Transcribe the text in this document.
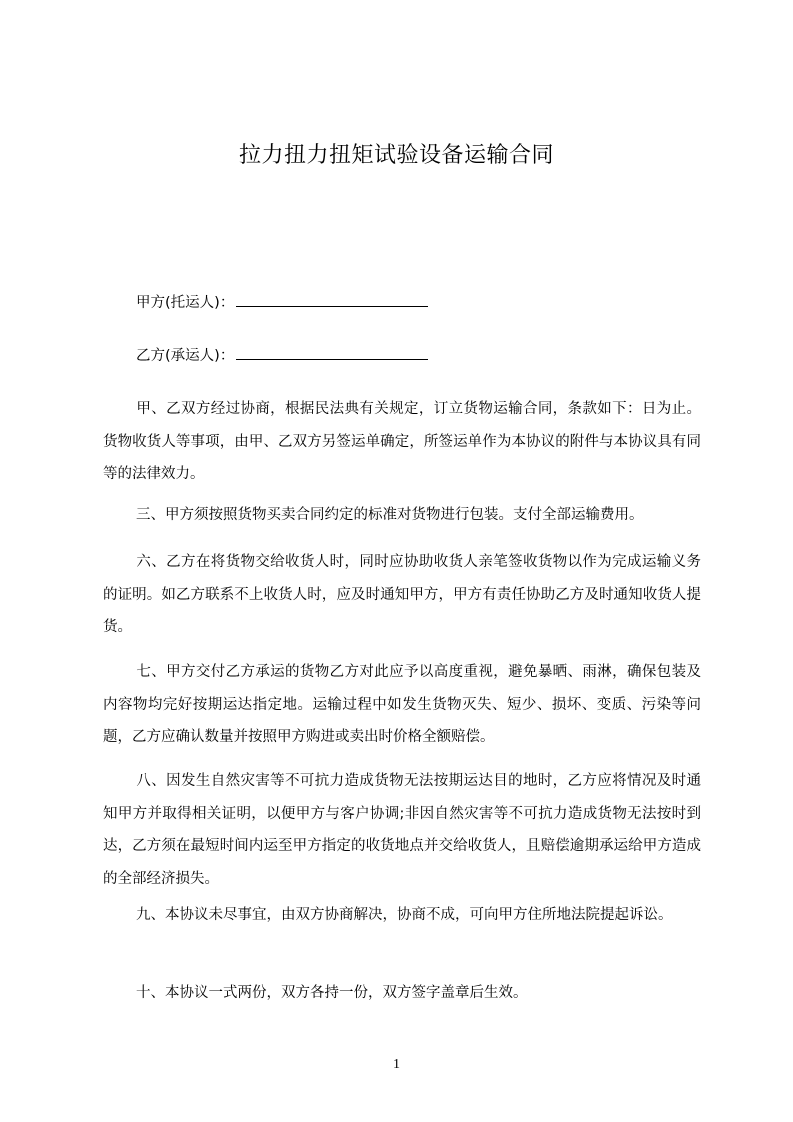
拉力扭力扭矩试验设备运输合同
甲方(托运人)：
乙方(承运人)：
甲、乙双方经过协商，根据民法典有关规定，订立货物运输合同，条款如下：日为止。货物收货人等事项，由甲、乙双方另签运单确定，所签运单作为本协议的附件与本协议具有同等的法律效力。
三、甲方须按照货物买卖合同约定的标准对货物进行包装。支付全部运输费用。
六、乙方在将货物交给收货人时，同时应协助收货人亲笔签收货物以作为完成运输义务的证明。如乙方联系不上收货人时，应及时通知甲方，甲方有责任协助乙方及时通知收货人提货。
七、甲方交付乙方承运的货物乙方对此应予以高度重视，避免暴晒、雨淋，确保包装及内容物均完好按期运达指定地。运输过程中如发生货物灭失、短少、损坏、变质、污染等问题，乙方应确认数量并按照甲方购进或卖出时价格全额赔偿。
八、因发生自然灾害等不可抗力造成货物无法按期运达目的地时，乙方应将情况及时通知甲方并取得相关证明，以便甲方与客户协调;非因自然灾害等不可抗力造成货物无法按时到达，乙方须在最短时间内运至甲方指定的收货地点并交给收货人，且赔偿逾期承运给甲方造成的全部经济损失。
九、本协议未尽事宜，由双方协商解决，协商不成，可向甲方住所地法院提起诉讼。
十、本协议一式两份，双方各持一份，双方签字盖章后生效。
1
